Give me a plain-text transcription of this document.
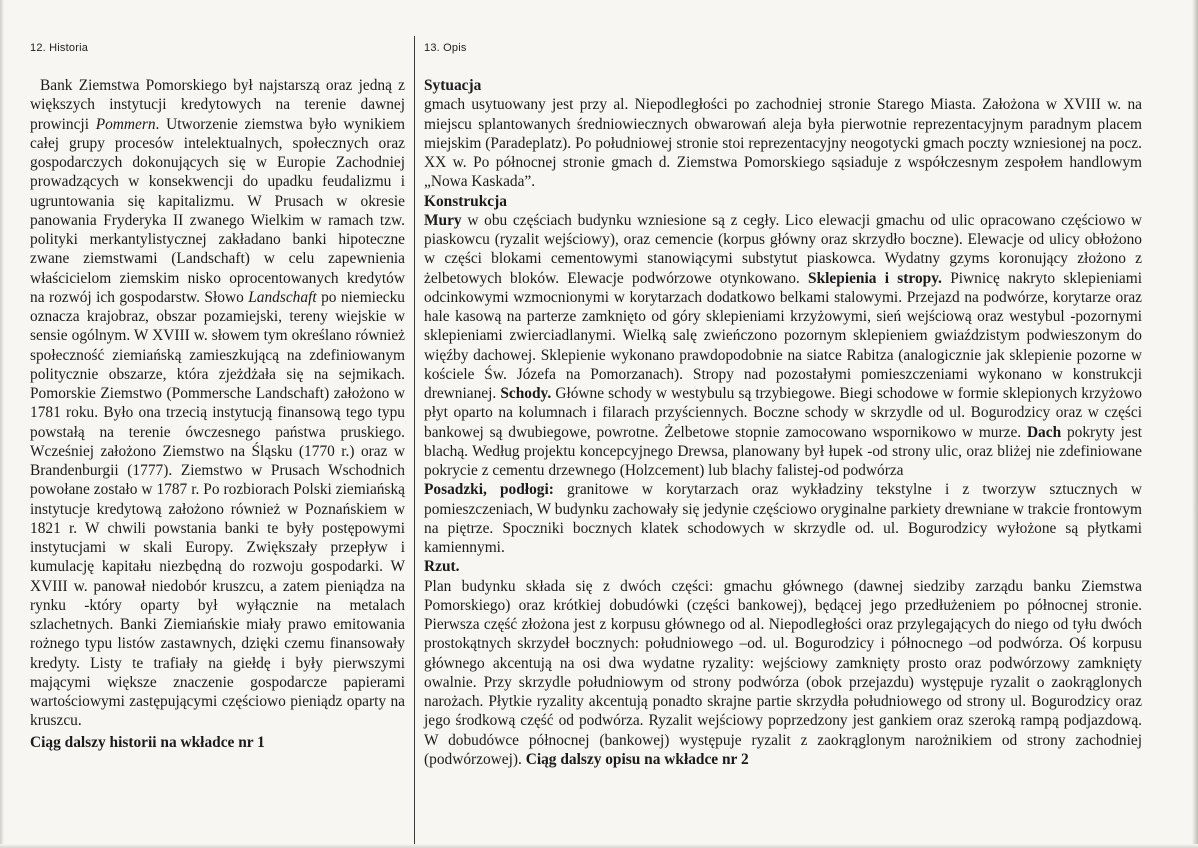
12. Historia	13. Opis

Bank Ziemstwa Pomorskiego był najstarszą oraz jedną z większych instytucji kredytowych na terenie dawnej prowincji Pommern. Utworzenie ziemstwa było wynikiem całej grupy procesów intelektualnych, społecznych oraz gospodarczych dokonujących się w Europie Zachodniej prowadzących w konsekwencji do upadku feudalizmu i ugruntowania się kapitalizmu. W Prusach w okresie panowania Fryderyka II zwanego Wielkim w ramach tzw. polityki merkantylistycznej zakładano banki hipoteczne zwane ziemstwami (Landschaft) w celu zapewnienia właścicielom ziemskim nisko oprocentowanych kredytów na rozwój ich gospodarstw. Słowo Landschaft po niemiecku oznacza krajobraz, obszar pozamiejski, tereny wiejskie w sensie ogólnym. W XVIII w. słowem tym określano również społeczność ziemiańską zamieszkującą na zdefiniowanym politycznie obszarze, która zjeżdżała się na sejmikach. Pomorskie Ziemstwo (Pommersche Landschaft) założono w 1781 roku. Było ona trzecią instytucją finansową tego typu powstałą na terenie ówczesnego państwa pruskiego. Wcześniej założono Ziemstwo na Śląsku (1770 r.) oraz w Brandenburgii (1777). Ziemstwo w Prusach Wschodnich powołane zostało w 1787 r. Po rozbiorach Polski ziemiańską instytucje kredytową założono również w Poznańskiem w 1821 r. W chwili powstania banki te były postępowymi instytucjami w skali Europy. Zwiększały przepływ i kumulację kapitału niezbędną do rozwoju gospodarki. W XVIII w. panował niedobór kruszcu, a zatem pieniądza na rynku -który oparty był wyłącznie na metalach szlachetnych. Banki Ziemiańskie miały prawo emitowania rożnego typu listów zastawnych, dzięki czemu finansowały kredyty. Listy te trafiały na giełdę i były pierwszymi mającymi większe znaczenie gospodarcze papierami wartościowymi zastępującymi częściowo pieniądz oparty na kruszcu.

Ciąg dalszy historii na wkładce nr 1
Sytuacja

gmach usytuowany jest przy al. Niepodległości po zachodniej stronie Starego Miasta. Założona w XVIII w. na miejscu splantowanych średniowiecznych obwarowań aleja była pierwotnie reprezentacyjnym paradnym placem miejskim (Paradeplatz). Po południowej stronie stoi reprezentacyjny neogotycki gmach poczty wzniesionej na pocz. XX w. Po północnej stronie gmach d. Ziemstwa Pomorskiego sąsiaduje z współczesnym zespołem handlowym „Nowa Kaskada”.

Konstrukcja

Mury w obu częściach budynku wzniesione są z cegły. Lico elewacji gmachu od ulic opracowano częściowo w piaskowcu (ryzalit wejściowy), oraz cemencie (korpus główny oraz skrzydło boczne). Elewacje od ulicy obłożono w części blokami cementowymi stanowiącymi substytut piaskowca. Wydatny gzyms koronujący złożono z żelbetowych bloków. Elewacje podwórzowe otynkowano. Sklepienia i stropy. Piwnicę nakryto sklepieniami odcinkowymi wzmocnionymi w korytarzach dodatkowo belkami stalowymi. Przejazd na podwórze, korytarze oraz hale kasową na parterze zamknięto od góry sklepieniami krzyżowymi, sień wejściową oraz westybul -pozornymi sklepieniami zwierciadlanymi. Wielką salę zwieńczono pozornym sklepieniem gwiaździstym podwieszonym do więźby dachowej. Sklepienie wykonano prawdopodobnie na siatce Rabitza (analogicznie jak sklepienie pozorne w kościele Św. Józefa na Pomorzanach). Stropy nad pozostałymi pomieszczeniami wykonano w konstrukcji drewnianej. Schody. Główne schody w westybulu są trzybiegowe. Biegi schodowe w formie sklepionych krzyżowo płyt oparto na kolumnach i filarach przyściennych. Boczne schody w skrzydle od ul. Bogurodzicy oraz w części bankowej są dwubiegowe, powrotne. Żelbetowe stopnie zamocowano wspornikowo w murze. Dach pokryty jest blachą. Według projektu koncepcyjnego Drewsa, planowany był łupek -od strony ulic, oraz bliżej nie zdefiniowane pokrycie z cementu drzewnego (Holzcement) lub blachy falistej-od podwórza

Posadzki, podłogi: granitowe w korytarzach oraz wykładziny tekstylne i z tworzyw sztucznych w pomieszczeniach, W budynku zachowały się jedynie częściowo oryginalne parkiety drewniane w trakcie frontowym na piętrze. Spoczniki bocznych klatek schodowych w skrzydle od. ul. Bogurodzicy wyłożone są płytkami kamiennymi.

Rzut.

Plan budynku składa się z dwóch części: gmachu głównego (dawnej siedziby zarządu banku Ziemstwa Pomorskiego) oraz krótkiej dobudówki (części bankowej), będącej jego przedłużeniem po północnej stronie. Pierwsza część złożona jest z korpusu głównego od al. Niepodległości oraz przylegających do niego od tyłu dwóch prostokątnych skrzydeł bocznych: południowego –od. ul. Bogurodzicy i północnego –od podwórza. Oś korpusu głównego akcentują na osi dwa wydatne ryzality: wejściowy zamknięty prosto oraz podwórzowy zamknięty owalnie. Przy skrzydle południowym od strony podwórza (obok przejazdu) występuje ryzalit o zaokrąglonych narożach. Płytkie ryzality akcentują ponadto skrajne partie skrzydła południowego od strony ul. Bogurodzicy oraz jego środkową część od podwórza. Ryzalit wejściowy poprzedzony jest gankiem oraz szeroką rampą podjazdową. W dobudówce północnej (bankowej) występuje ryzalit z zaokrąglonym narożnikiem od strony zachodniej (podwórzowej). Ciąg dalszy opisu na wkładce nr 2
